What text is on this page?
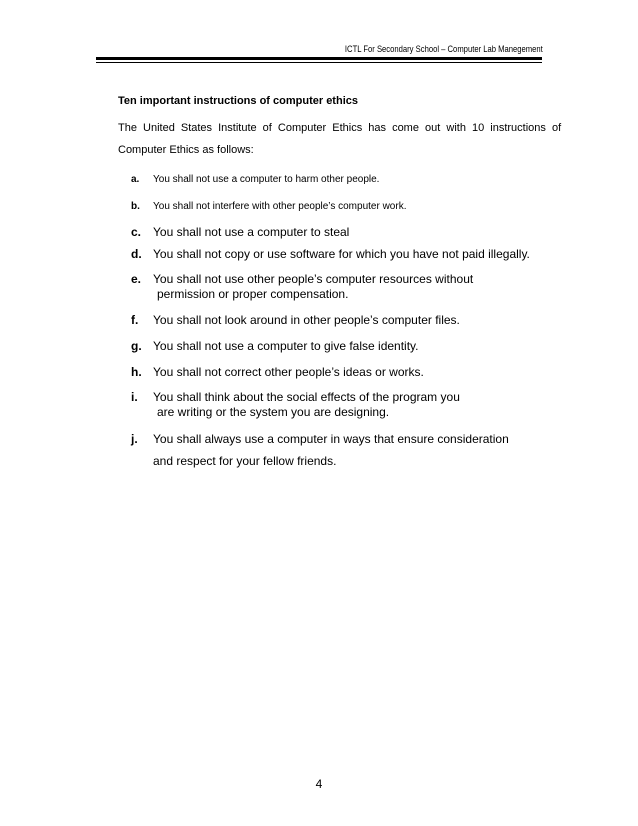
ICTL For Secondary School – Computer Lab Manegement
Ten important instructions of computer ethics
The United States Institute of Computer Ethics has come out with 10 instructions of
Computer Ethics as follows:
a. You shall not use a computer to harm other people.
b. You shall not interfere with other people’s computer work.
c. You shall not use a computer to steal
d. You shall not copy or use software for which you have not paid illegally.
e. You shall not use other people’s computer resources without
permission or proper compensation.
f. You shall not look around in other people’s computer files.
g. You shall not use a computer to give false identity.
h. You shall not correct other people’s ideas or works.
i. You shall think about the social effects of the program you
are writing or the system you are designing.
j. You shall always use a computer in ways that ensure consideration
and respect for your fellow friends.
4
